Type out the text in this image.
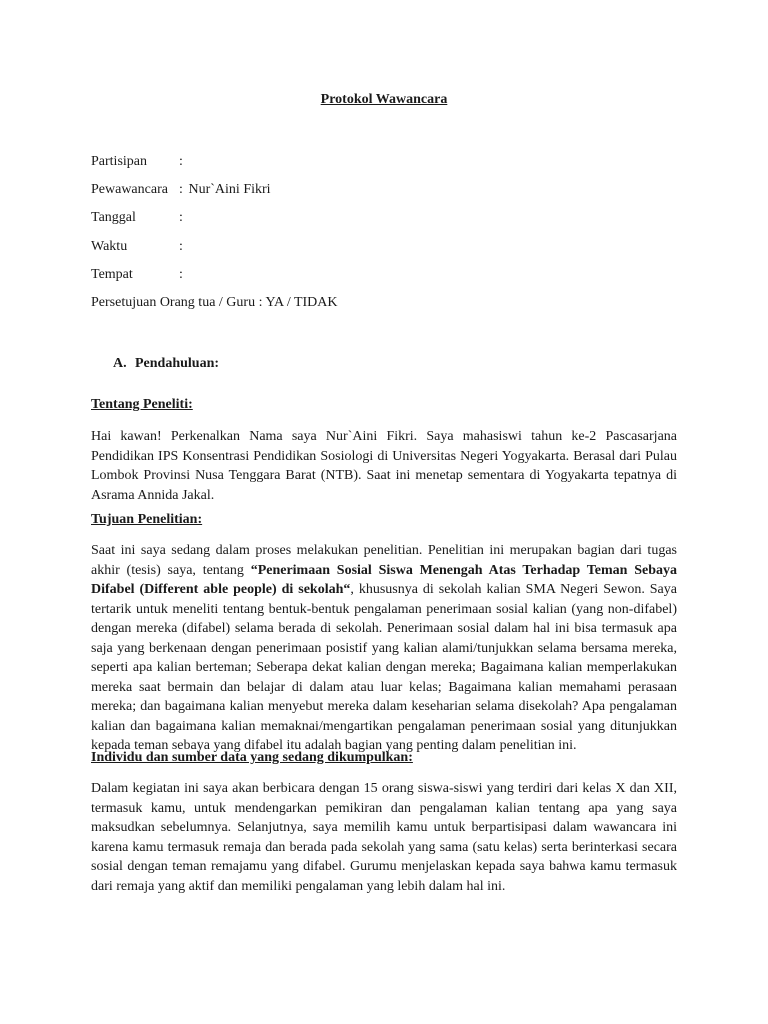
Protokol Wawancara
Partisipan :
Pewawancara : Nur`Aini Fikri
Tanggal	:
Waktu	:
Tempat	:
Persetujuan Orang tua / Guru : YA / TIDAK
A. Pendahuluan:
Tentang Peneliti:

Hai kawan! Perkenalkan Nama saya Nur`Aini Fikri. Saya mahasiswi tahun ke-2 Pascasarjana Pendidikan IPS Konsentrasi Pendidikan Sosiologi di Universitas Negeri Yogyakarta. Berasal dari Pulau Lombok Provinsi Nusa Tenggara Barat (NTB). Saat ini menetap sementara di Yogyakarta tepatnya di Asrama Annida Jakal.

Tujuan Penelitian:

Saat ini saya sedang dalam proses melakukan penelitian. Penelitian ini merupakan bagian dari tugas akhir (tesis) saya, tentang “Penerimaan Sosial Siswa Menengah Atas Terhadap Teman Sebaya Difabel (Different able people) di sekolah“, khususnya di sekolah kalian SMA Negeri Sewon. Saya tertarik untuk meneliti tentang bentuk-bentuk pengalaman penerimaan sosial kalian (yang non-difabel) dengan mereka (difabel) selama berada di sekolah. Penerimaan sosial dalam hal ini bisa termasuk apa saja yang berkenaan dengan penerimaan posistif yang kalian alami/tunjukkan selama bersama mereka, seperti apa kalian berteman; Seberapa dekat kalian dengan mereka; Bagaimana kalian memperlakukan mereka saat bermain dan belajar di dalam atau luar kelas; Bagaimana kalian memahami perasaan mereka; dan bagaimana kalian menyebut mereka dalam keseharian selama disekolah? Apa pengalaman kalian dan bagaimana kalian memaknai/mengartikan pengalaman penerimaan sosial yang ditunjukkan kepada teman sebaya yang difabel itu adalah bagian yang penting dalam penelitian ini.

Individu dan sumber data yang sedang dikumpulkan:

Dalam kegiatan ini saya akan berbicara dengan 15 orang siswa-siswi yang terdiri dari kelas X dan XII, termasuk kamu, untuk mendengarkan pemikiran dan pengalaman kalian tentang apa yang saya maksudkan sebelumnya. Selanjutnya, saya memilih kamu untuk berpartisipasi dalam wawancara ini karena kamu termasuk remaja dan berada pada sekolah yang sama (satu kelas) serta berinterkasi secara sosial dengan teman remajamu yang difabel. Gurumu menjelaskan kepada saya bahwa kamu termasuk dari remaja yang aktif dan memiliki pengalaman yang lebih dalam hal ini.
